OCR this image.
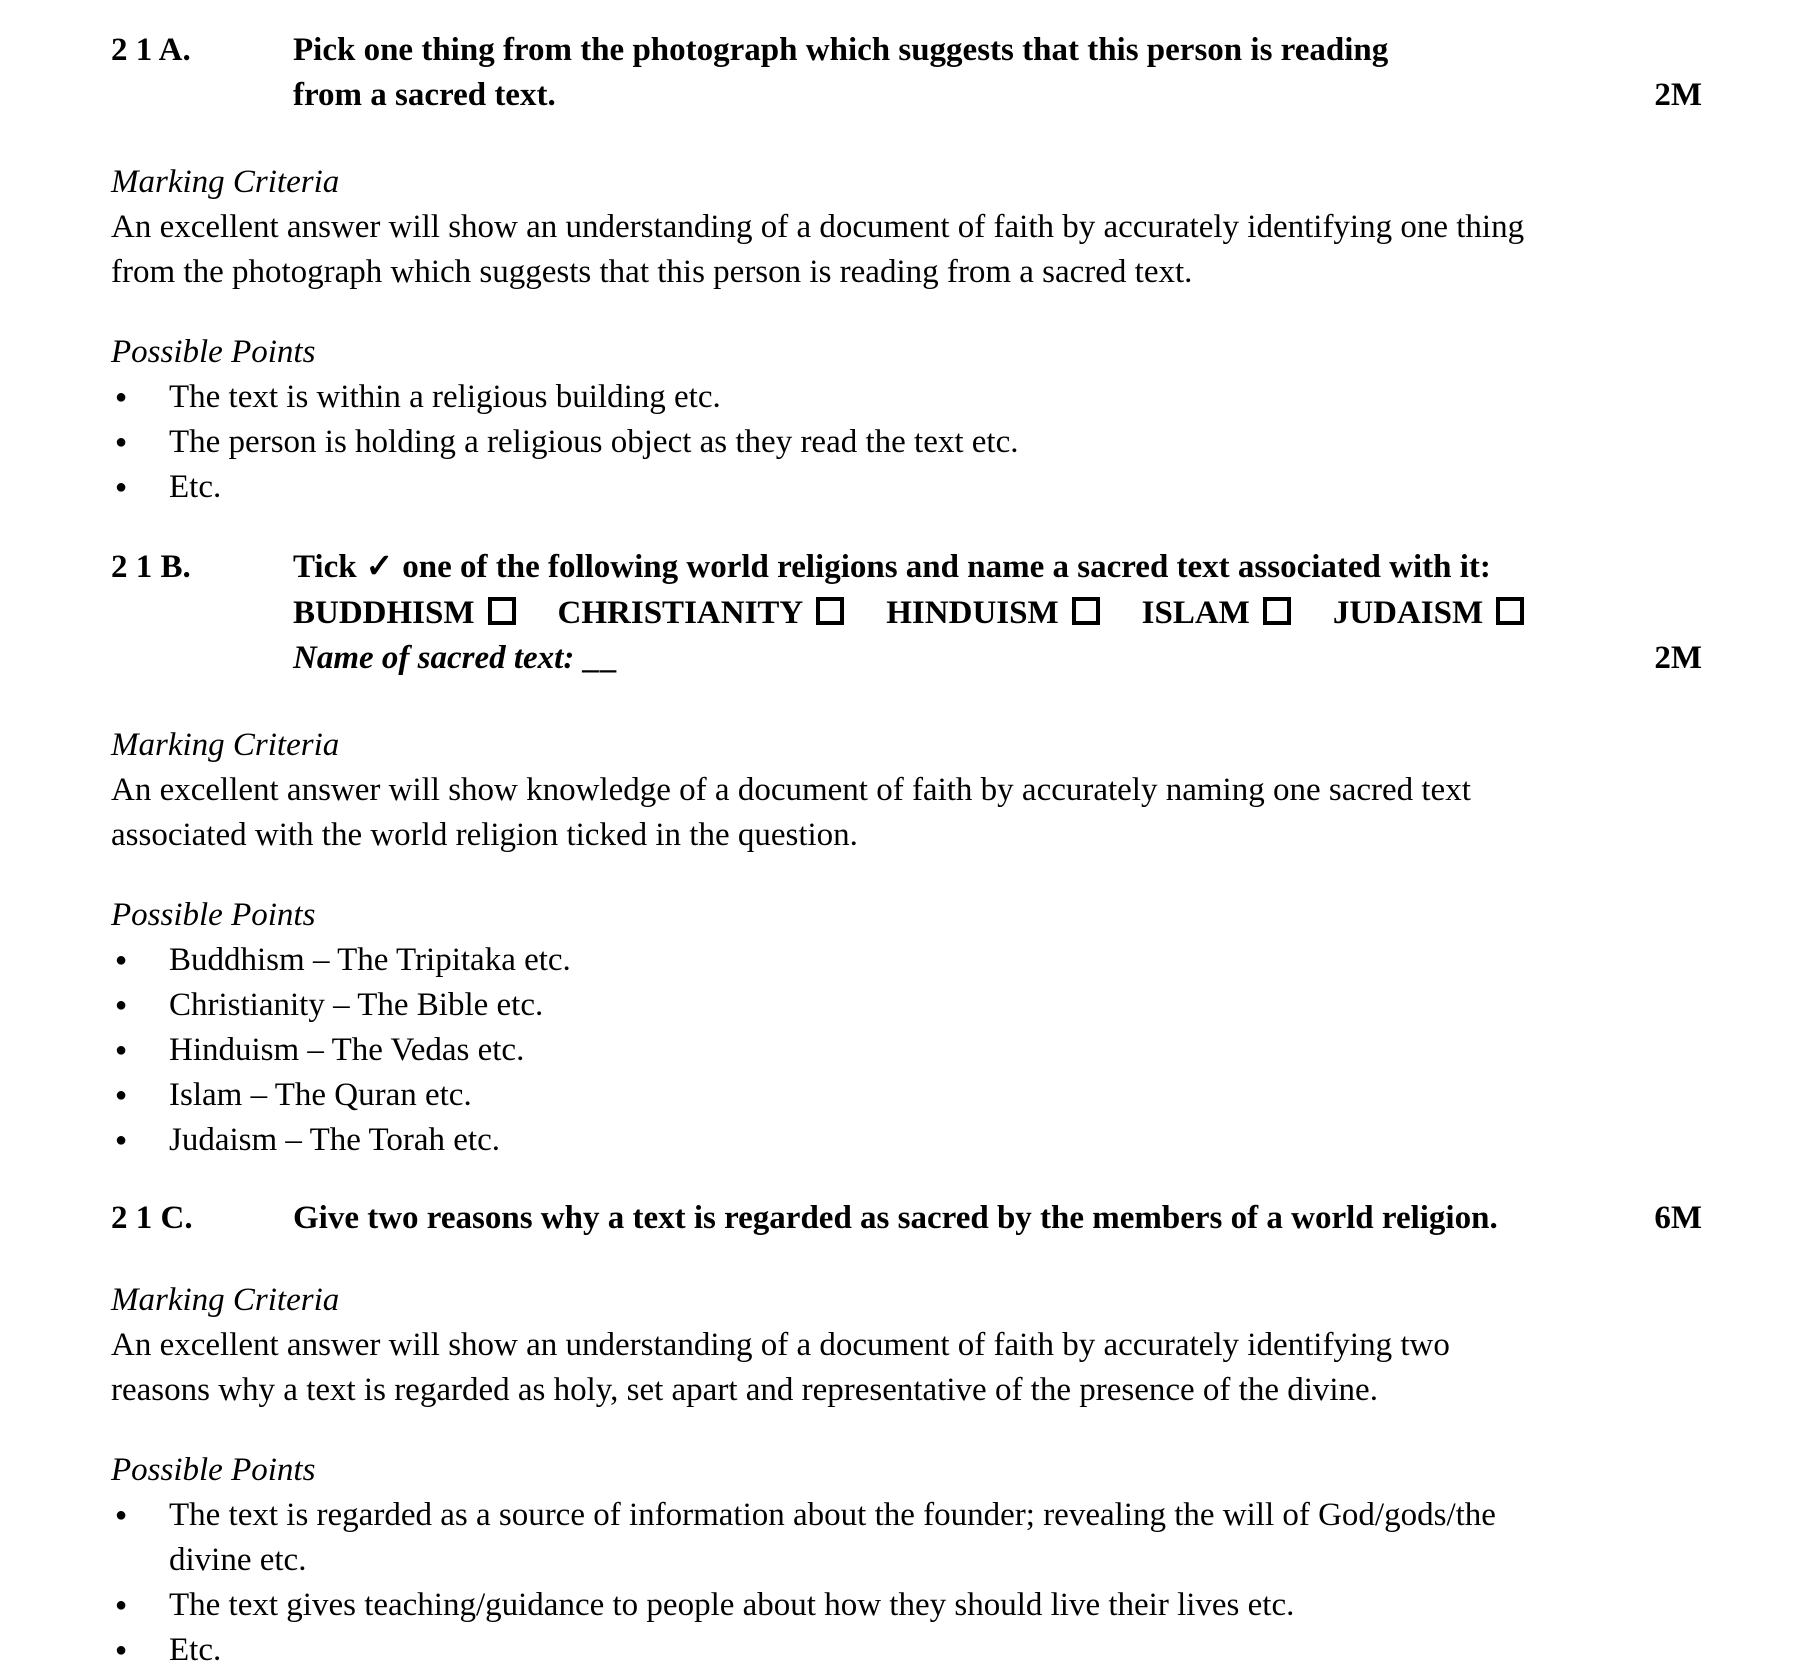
2 1 A.	Pick one thing from the photograph which suggests that this person is reading
from a sacred text.	2M
Marking Criteria
An excellent answer will show an understanding of a document of faith by accurately identifying one thing
from the photograph which suggests that this person is reading from a sacred text.
Possible Points
● The text is within a religious building etc.
● The person is holding a religious object as they read the text etc.
● Etc.
2 1 B.	Tick ✓ one of the following world religions and name a sacred text associated with it:
BUDDHISM	CHRISTIANITY	HINDUISM	ISLAM	JUDAISM
Name of sacred text: __	2M
Marking Criteria
An excellent answer will show knowledge of a document of faith by accurately naming one sacred text
associated with the world religion ticked in the question.
Possible Points
● Buddhism – The Tripitaka etc.
● Christianity – The Bible etc.
● Hinduism – The Vedas etc.
● Islam – The Quran etc.
● Judaism – The Torah etc.
2 1 C.	Give two reasons why a text is regarded as sacred by the members of a world religion.	6M
Marking Criteria
An excellent answer will show an understanding of a document of faith by accurately identifying two
reasons why a text is regarded as holy, set apart and representative of the presence of the divine.
Possible Points
● The text is regarded as a source of information about the founder; revealing the will of God/gods/the
divine etc.
● The text gives teaching/guidance to people about how they should live their lives etc.
● Etc.
